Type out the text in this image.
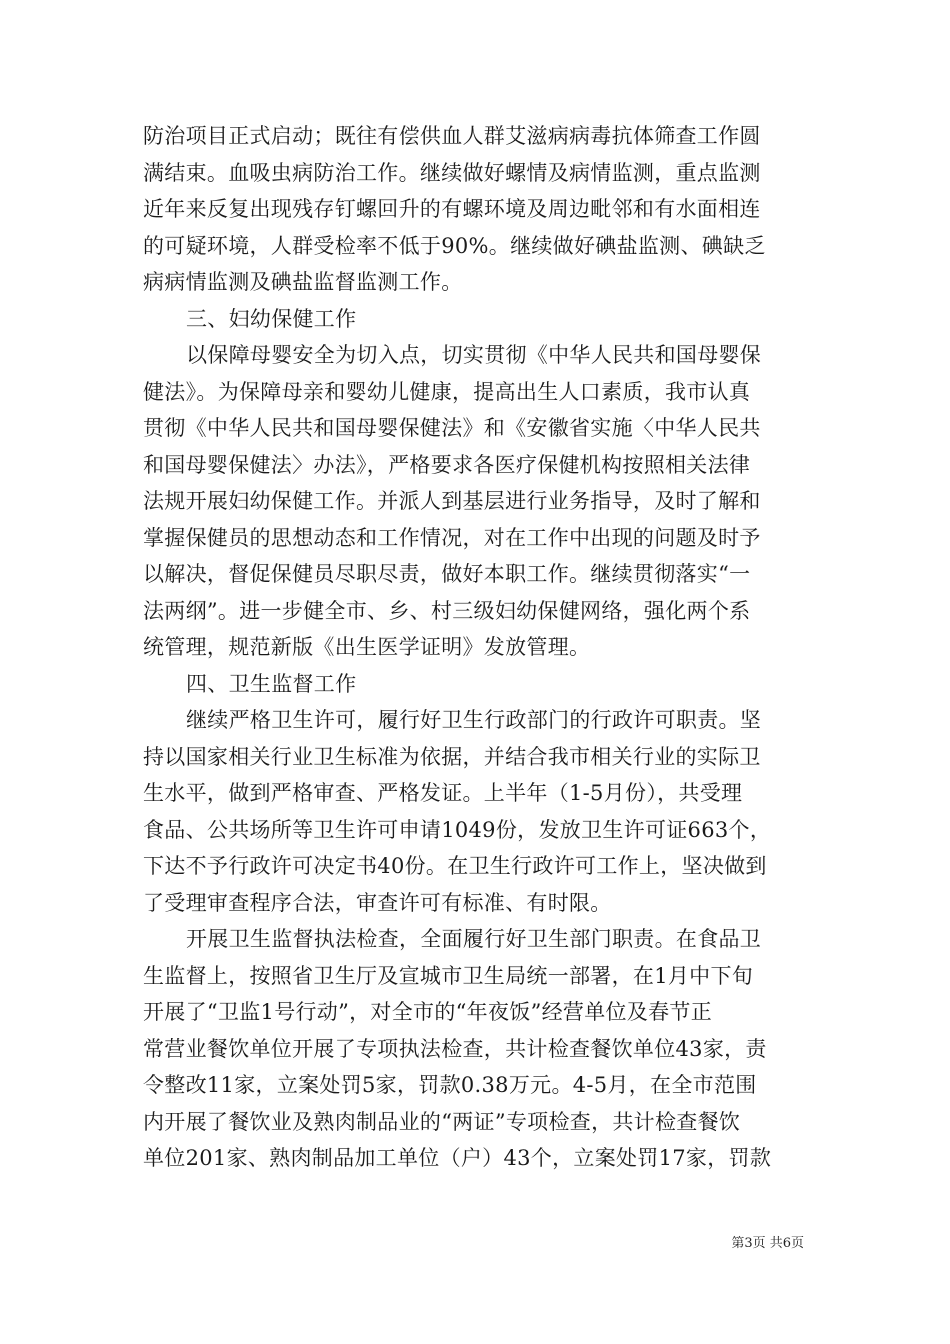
防治项目正式启动；既往有偿供血人群艾滋病病毒抗体筛查工作圆
满结束。血吸虫病防治工作。继续做好螺情及病情监测，重点监测
近年来反复出现残存钉螺回升的有螺环境及周边毗邻和有水面相连
的可疑环境，人群受检率不低于90%。继续做好碘盐监测、碘缺乏
病病情监测及碘盐监督监测工作。
三、妇幼保健工作
以保障母婴安全为切入点，切实贯彻《中华人民共和国母婴保
健法》。为保障母亲和婴幼儿健康，提高出生人口素质，我市认真
贯彻《中华人民共和国母婴保健法》和《安徽省实施〈中华人民共
和国母婴保健法〉办法》，严格要求各医疗保健机构按照相关法律
法规开展妇幼保健工作。并派人到基层进行业务指导，及时了解和
掌握保健员的思想动态和工作情况，对在工作中出现的问题及时予
以解决，督促保健员尽职尽责，做好本职工作。继续贯彻落实“一
法两纲”。进一步健全市、乡、村三级妇幼保健网络，强化两个系
统管理，规范新版《出生医学证明》发放管理。
四、卫生监督工作
继续严格卫生许可，履行好卫生行政部门的行政许可职责。坚
持以国家相关行业卫生标准为依据，并结合我市相关行业的实际卫
生水平，做到严格审查、严格发证。上半年（1-5月份），共受理
食品、公共场所等卫生许可申请1049份，发放卫生许可证663个，
下达不予行政许可决定书40份。在卫生行政许可工作上，坚决做到
了受理审查程序合法，审查许可有标准、有时限。
开展卫生监督执法检查，全面履行好卫生部门职责。在食品卫
生监督上，按照省卫生厅及宣城市卫生局统一部署，在1月中下旬
开展了“卫监1号行动”，对全市的“年夜饭”经营单位及春节正
常营业餐饮单位开展了专项执法检查，共计检查餐饮单位43家，责
令整改11家，立案处罚5家，罚款0.38万元。4-5月，在全市范围
内开展了餐饮业及熟肉制品业的“两证”专项检查，共计检查餐饮
单位201家、熟肉制品加工单位（户）43个，立案处罚17家，罚款
第3页 共6页
